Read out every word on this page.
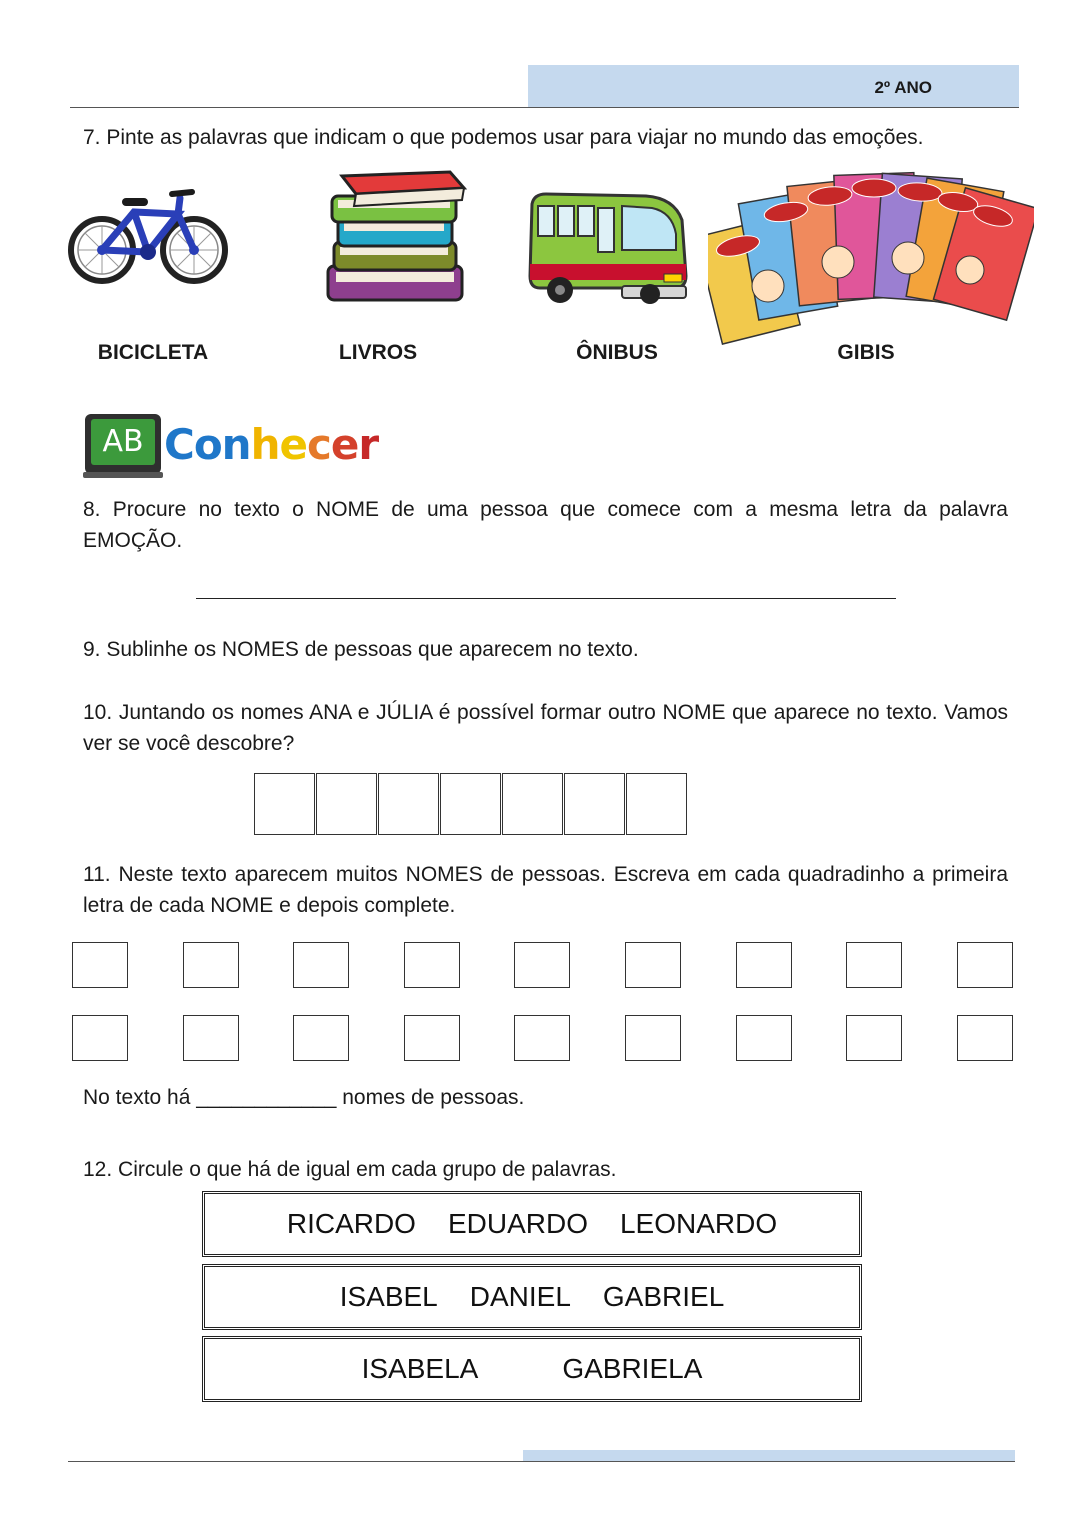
2º ANO
7. Pinte as palavras que indicam o que podemos usar para viajar no mundo das emoções.
BICICLETA	LIVROS	ÔNIBUS	GIBIS
AB Conhecer
8. Procure no texto o NOME de uma pessoa que comece com a mesma letra da palavra EMOÇÃO.
9. Sublinhe os NOMES de pessoas que aparecem no texto.
10. Juntando os nomes ANA e JÚLIA é possível formar outro NOME que aparece no texto. Vamos ver se você descobre?
11. Neste texto aparecem muitos NOMES de pessoas. Escreva em cada quadradinho a primeira letra de cada NOME e depois complete.
No texto há ____________ nomes de pessoas.
12. Circule o que há de igual em cada grupo de palavras.
RICARDO EDUARDO LEONARDO
ISABEL DANIEL GABRIEL
ISABELA	GABRIELA
